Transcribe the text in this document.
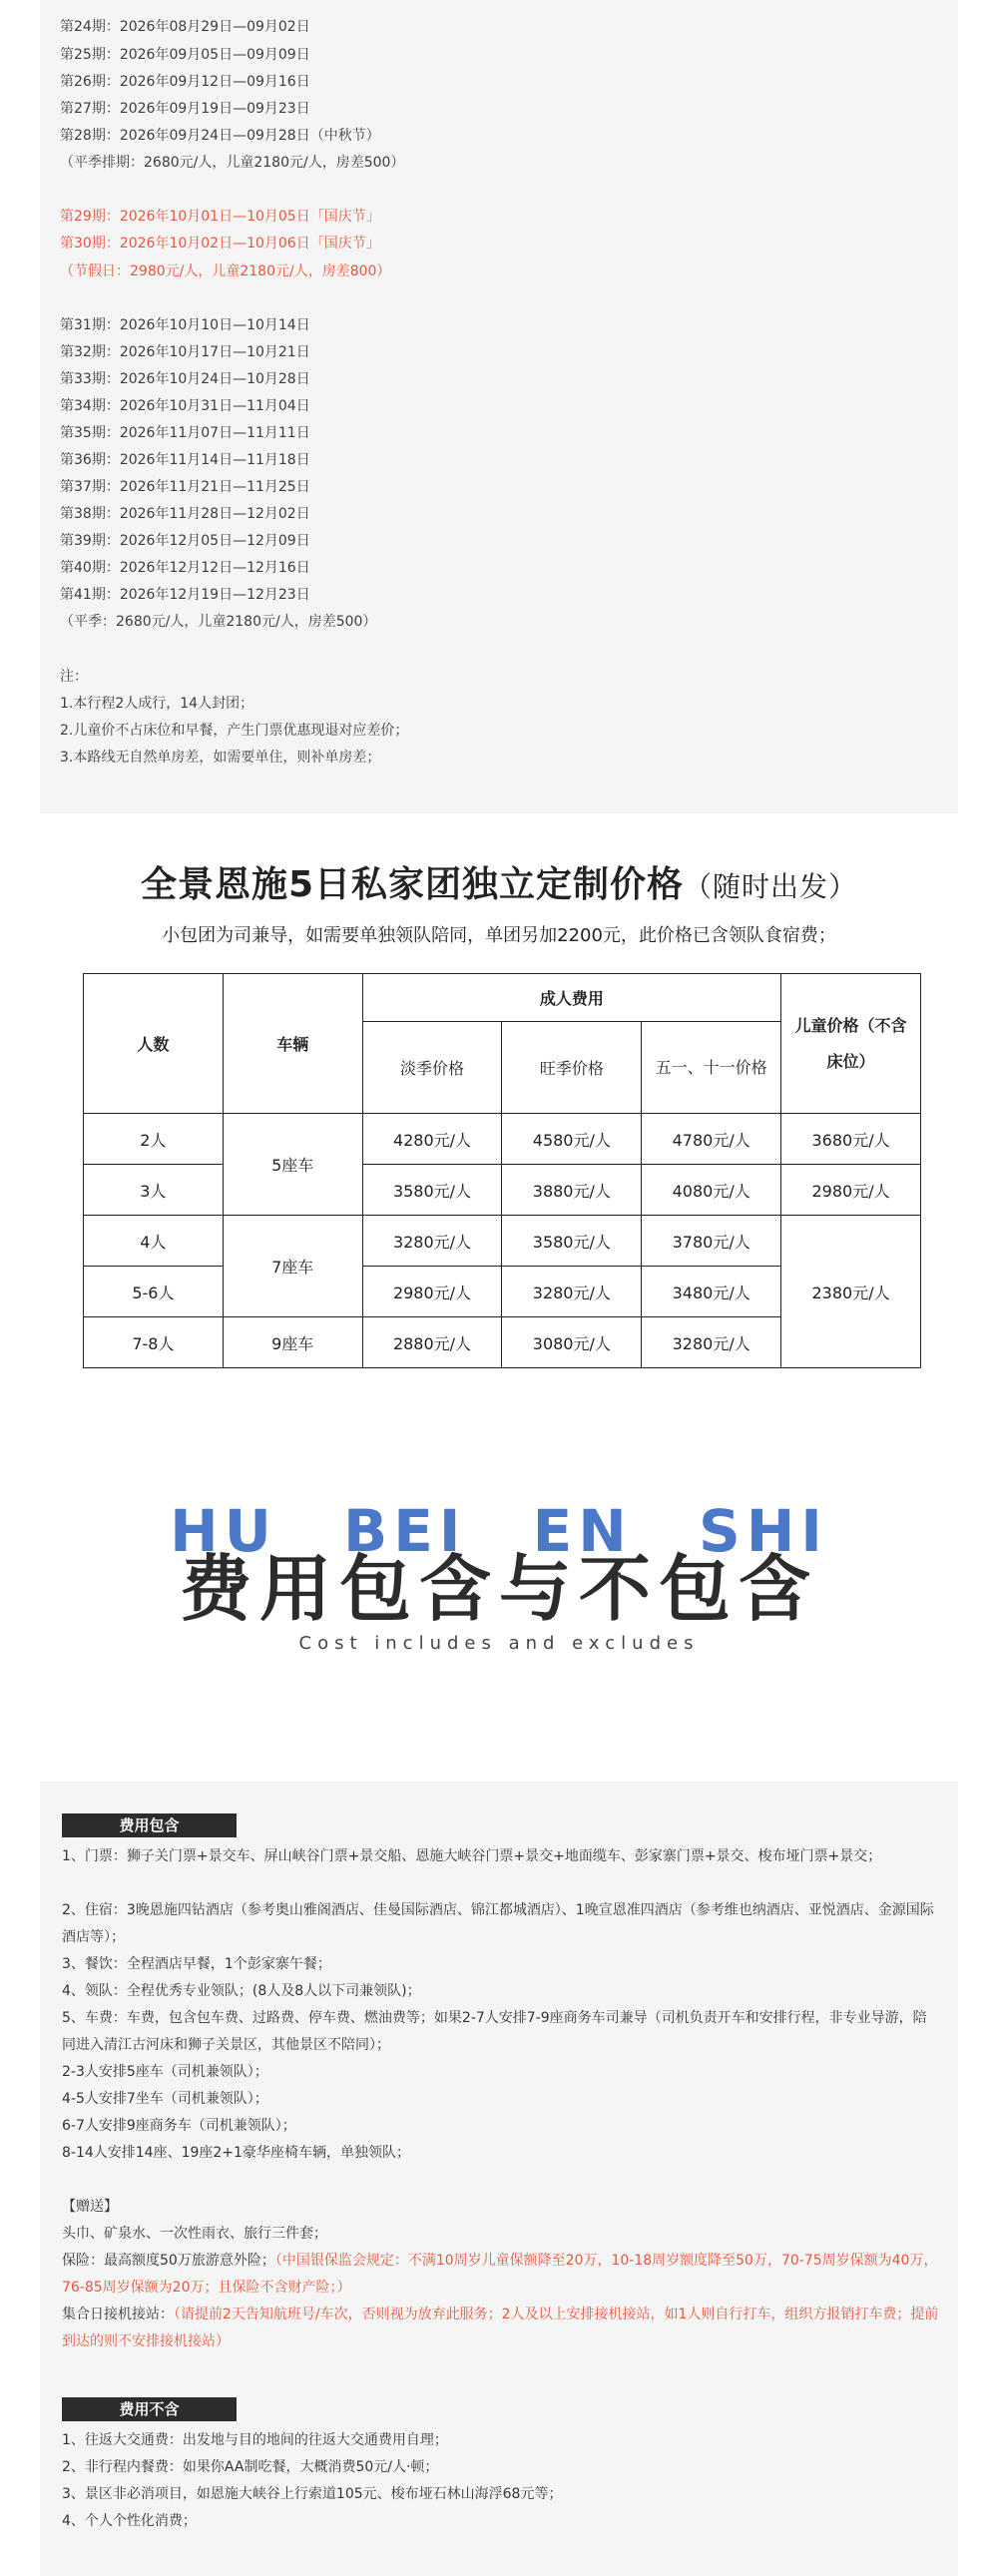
第24期：2026年08月29日—09月02日
第25期：2026年09月05日—09月09日
第26期：2026年09月12日—09月16日
第27期：2026年09月19日—09月23日
第28期：2026年09月24日—09月28日（中秋节）
（平季排期：2680元/人，儿童2180元/人，房差500）
第29期：2026年10月01日—10月05日「国庆节」
第30期：2026年10月02日—10月06日「国庆节」
（节假日：2980元/人，儿童2180元/人，房差800）
第31期：2026年10月10日—10月14日
第32期：2026年10月17日—10月21日
第33期：2026年10月24日—10月28日
第34期：2026年10月31日—11月04日
第35期：2026年11月07日—11月11日
第36期：2026年11月14日—11月18日
第37期：2026年11月21日—11月25日
第38期：2026年11月28日—12月02日
第39期：2026年12月05日—12月09日
第40期：2026年12月12日—12月16日
第41期：2026年12月19日—12月23日
（平季：2680元/人，儿童2180元/人，房差500）
注：
1.本行程2人成行，14人封团；
2.儿童价不占床位和早餐，产生门票优惠现退对应差价；
3.本路线无自然单房差，如需要单住，则补单房差；
全景恩施5日私家团独立定制价格（随时出发）
小包团为司兼导，如需要单独领队陪同，单团另加2200元，此价格已含领队食宿费；
人数	车辆	成人费用			儿童价格（不含床位）
		淡季价格	旺季价格	五一、十一价格	
2人	5座车	4280元/人	4580元/人	4780元/人	3680元/人
3人		3580元/人	3880元/人	4080元/人	2980元/人
4人	7座车	3280元/人	3580元/人	3780元/人	2380元/人
5-6人		2980元/人	3280元/人	3480元/人	
7-8人	9座车	2880元/人	3080元/人	3280元/人	
HU BEI EN SHI
费用包含与不包含
Cost includes and excludes
费用包含
1、门票：狮子关门票+景交车、屏山峡谷门票+景交船、恩施大峡谷门票+景交+地面缆车、彭家寨门票+景交、梭布垭门票+景交；
2、住宿：3晚恩施四钻酒店（参考奥山雅阁酒店、佳曼国际酒店、锦江都城酒店）、1晚宣恩准四酒店（参考维也纳酒店、亚悦酒店、金源国际酒店等）；
3、餐饮：全程酒店早餐，1个彭家寨午餐；
4、领队：全程优秀专业领队；(8人及8人以下司兼领队)；
5、车费：车费，包含包车费、过路费、停车费、燃油费等；如果2-7人安排7-9座商务车司兼导（司机负责开车和安排行程，非专业导游，陪同进入清江古河床和狮子关景区，其他景区不陪同）；
2-3人安排5座车（司机兼领队）；
4-5人安排7坐车（司机兼领队）；
6-7人安排9座商务车（司机兼领队）；
8-14人安排14座、19座2+1豪华座椅车辆，单独领队；
【赠送】
头巾、矿泉水、一次性雨衣、旅行三件套；
保险：最高额度50万旅游意外险；（中国银保监会规定：不满10周岁儿童保额降至20万，10-18周岁额度降至50万，70-75周岁保额为40万，76-85周岁保额为20万；且保险不含财产险；）
集合日接机接站：（请提前2天告知航班号/车次，否则视为放弃此服务；2人及以上安排接机接站，如1人则自行打车，组织方报销打车费；提前到达的则不安排接机接站）
费用不含
1、往返大交通费：出发地与目的地间的往返大交通费用自理；
2、非行程内餐费：如果你AA制吃餐，大概消费50元/人·顿；
3、景区非必消项目，如恩施大峡谷上行索道105元、梭布垭石林山海浮68元等；
4、个人个性化消费；
